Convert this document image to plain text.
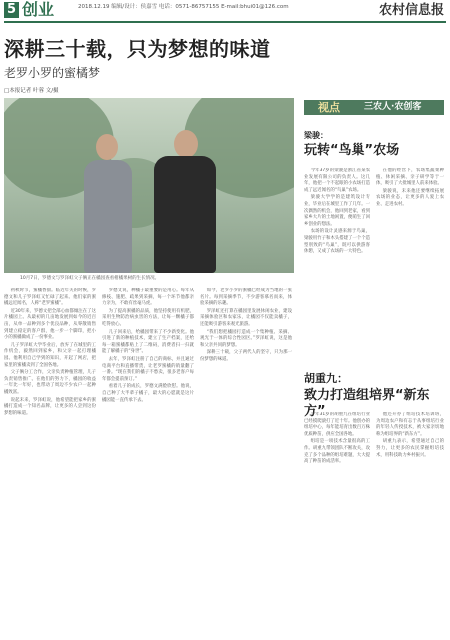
5 创业	2018.12.19 编辑/设计：侯嘉雪 电话：0571-86757155 E-mail:bhui01@126.com	农村信息报
深耕三十载，只为梦想的味道
老罗小罗的蜜橘梦
□本报记者 叶蓉 文/摄
10月7日，罗德文与罗泽虹父子俩正在橘园查看柑橘果树的生长情况。

初秋时节，蜜橘香甜。临近年关的时候，罗德文和儿子罗泽虹又忙碌了起来。他们家的蜜橘远近闻名，人称“老罗蜜橘”。

近30年来，罗德文把全部心血都倾注在了这片橘园上。从最初的几亩地发展到如今的近百亩，从单一品种到多个优良品种，从零散销售到建立稳定的客户群，他一步一个脚印，把小小的蜜橘做成了一份事业。

儿子罗泽虹大学毕业后，放弃了在城里的工作机会，毅然回到家乡，和父亲一起打理橘园。他利用自己学到的知识，开起了网店，把家里的蜜橘卖到了全国各地。

父子俩分工合作，父亲负责种植管理，儿子负责销售推广。在他们的努力下，橘园的收益一年比一年好，也带动了周边不少农户一起种橘致富。

说起未来，罗泽虹说，他希望能把家乡的蜜橘打造成一个知名品牌，让更多的人尝到这份梦想的味道。

罗德文说，种橘子最重要的是用心。每年从修枝、施肥、疏果到采摘，每一个环节他都亲力亲为，不敢有丝毫马虎。

为了提高蜜橘的品质，他坚持使用有机肥，采用生物防治病虫害的方法，让每一颗橘子都吃得放心。

儿子回来后，给橘园带来了不少新变化。他引进了新的种植技术，建立了生产档案，还给每一箱蜜橘都贴上了二维码，消费者扫一扫就能了解橘子的“身世”。

去年，罗泽虹注册了自己的商标，并且通过电商平台和直播带货，让老罗蜜橘的销量翻了一番。“现在我们的橘子不愁卖，很多老客户每年都会提前预订。”

看着儿子的成长，罗德文满脸欣慰。他说，自己种了大半辈子橘子，最大的心愿就是这片橘园能一直传承下去。

如今，老罗小罗的蜜橘已经成为当地的一张名片。每到采摘季节，不少游客慕名而来，体验采摘的乐趣。

罗泽虹还打算在橘园里发展休闲农业，建设采摘体验区和农家乐，让橘园不仅能卖橘子，还能吸引游客来观光旅游。

“我们想把橘园打造成一个集种植、采摘、观光于一体的综合性园区。”罗泽虹说，这是他和父亲共同的梦想。

深耕三十载，父子两代人的坚守，只为那一份梦想的味道。

视点	三农人·农创客
梁骏：
玩转“鸟巢”农场

今年37岁的梁骏是浙江省某农业发展有限公司的负责人。这几年，他把一个不起眼的小农场打造成了远近闻名的“鸟巢”农场。

梁骏大学学的是建筑设计专业，毕业后在城里工作了几年。一次偶然的机会，他回到老家，看到家乡大片的土地闲置，便萌生了回乡创业的想法。

农场的设计灵感来源于鸟巢，梁骏用竹子和木头搭建了一个个造型别致的“鸟巢”，既可以供游客休憩，又成了农场的一大特色。

在他的经营下，农场集蔬菜种植、休闲采摘、亲子研学等于一体，吸引了大批城里人前来体验。

梁骏说，未来他还要继续拓展农场的业态，让更多的人爱上农业、走进农村。

胡重九：
致力打造组培界“新东方”

今年31岁的胡重九在组培行业已经摸爬滚打了近十年。他创办的组培中心，每年能培育出数百万株优质种苗，供应全国各地。

组培是一项技术含量很高的工作。胡重九带领团队不断攻关，攻克了多个品种的组培难题，大大提高了种苗的成活率。

他还开办了组培技术培训班，为周边农户和有志于从事组培行业的年轻人传授技术，被大家亲切地称为组培界的“新东方”。

胡重九表示，希望通过自己的努力，让更多的农民掌握组培技术，用科技助力乡村振兴。
